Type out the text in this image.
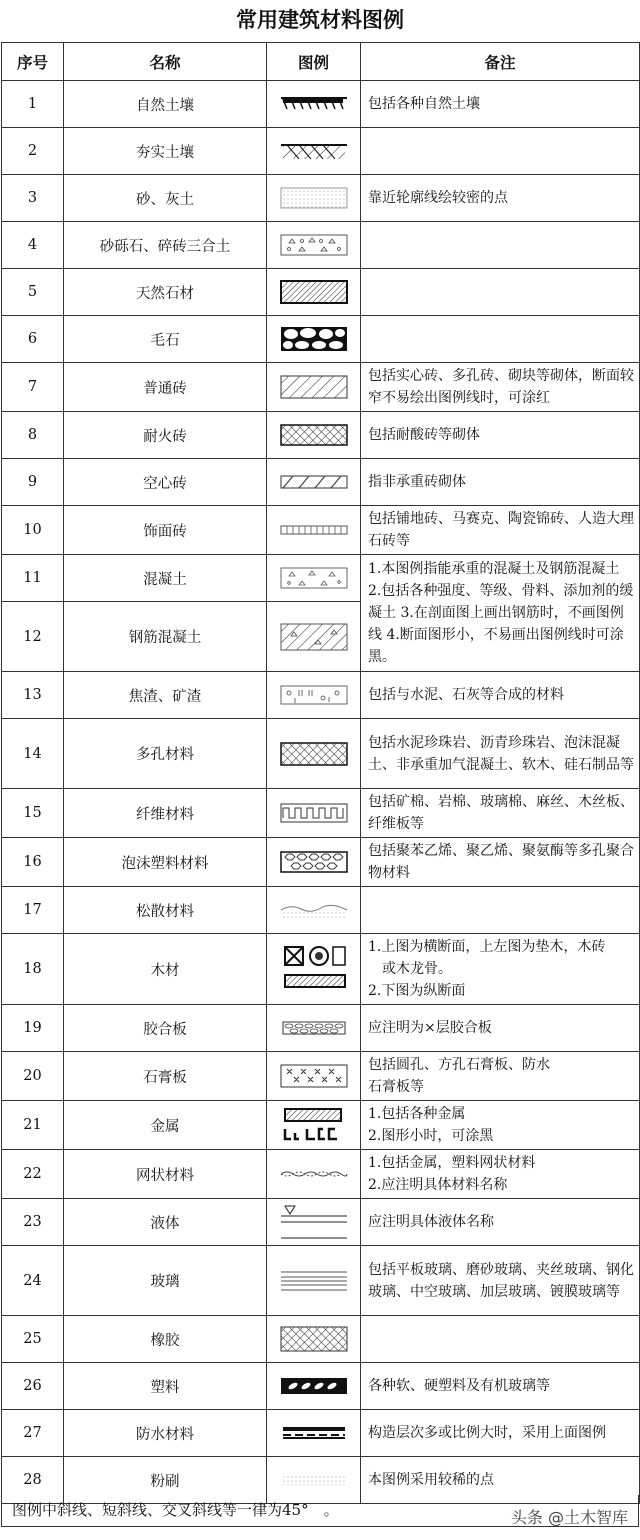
常用建筑材料图例
序号	名称	图例	备注
1	自然土壤		包括各种自然土壤
2	夯实土壤		
3	砂、灰土		靠近轮廓线绘较密的点
4	砂砾石、碎砖三合土		
5	天然石材		
6	毛石		
7	普通砖		包括实心砖、多孔砖、砌块等砌体，断面较窄不易绘出图例线时，可涂红
8	耐火砖		包括耐酸砖等砌体
9	空心砖		指非承重砖砌体
10	饰面砖		包括铺地砖、马赛克、陶瓷锦砖、人造大理石砖等
11	混凝土		1.本图例指能承重的混凝土及钢筋混凝土 2.包括各种强度、等级、骨料、添加剂的缓凝土 3.在剖面图上画出钢筋时，不画图例线 4.断面图形小，不易画出图例线时可涂黑。
12	钢筋混凝土	
13	焦渣、矿渣		包括与水泥、石灰等合成的材料
14	多孔材料		包括水泥珍珠岩、沥青珍珠岩、泡沫混凝土、非承重加气混凝土、软木、硅石制品等
15	纤维材料		包括矿棉、岩棉、玻璃棉、麻丝、木丝板、纤维板等
16	泡沫塑料材料		包括聚苯乙烯、聚乙烯、聚氨酶等多孔聚合物材料
17	松散材料		
18	木材		1.上图为横断面，上左图为垫木，木砖
或木龙骨。
2.下图为纵断面

19	胶合板		应注明为×层胶合板
20	石膏板		包括圆孔、方孔石膏板、防水
石膏板等

21	金属		1.包括各种金属
2.图形小时，可涂黑

22	网状材料		1.包括金属，塑料网状材料
2.应注明具体材料名称

23	液体		应注明具体液体名称
24	玻璃		包括平板玻璃、磨砂玻璃、夹丝玻璃、钢化玻璃、中空玻璃、加层玻璃、镀膜玻璃等
25	橡胶		
26	塑料		各种软、硬塑料及有机玻璃等
27	防水材料		构造层次多或比例大时，采用上面图例
28	粉刷		本图例采用较稀的点
图例中斜线、短斜线、交叉斜线等一律为45°　。	头条 @土木智库
